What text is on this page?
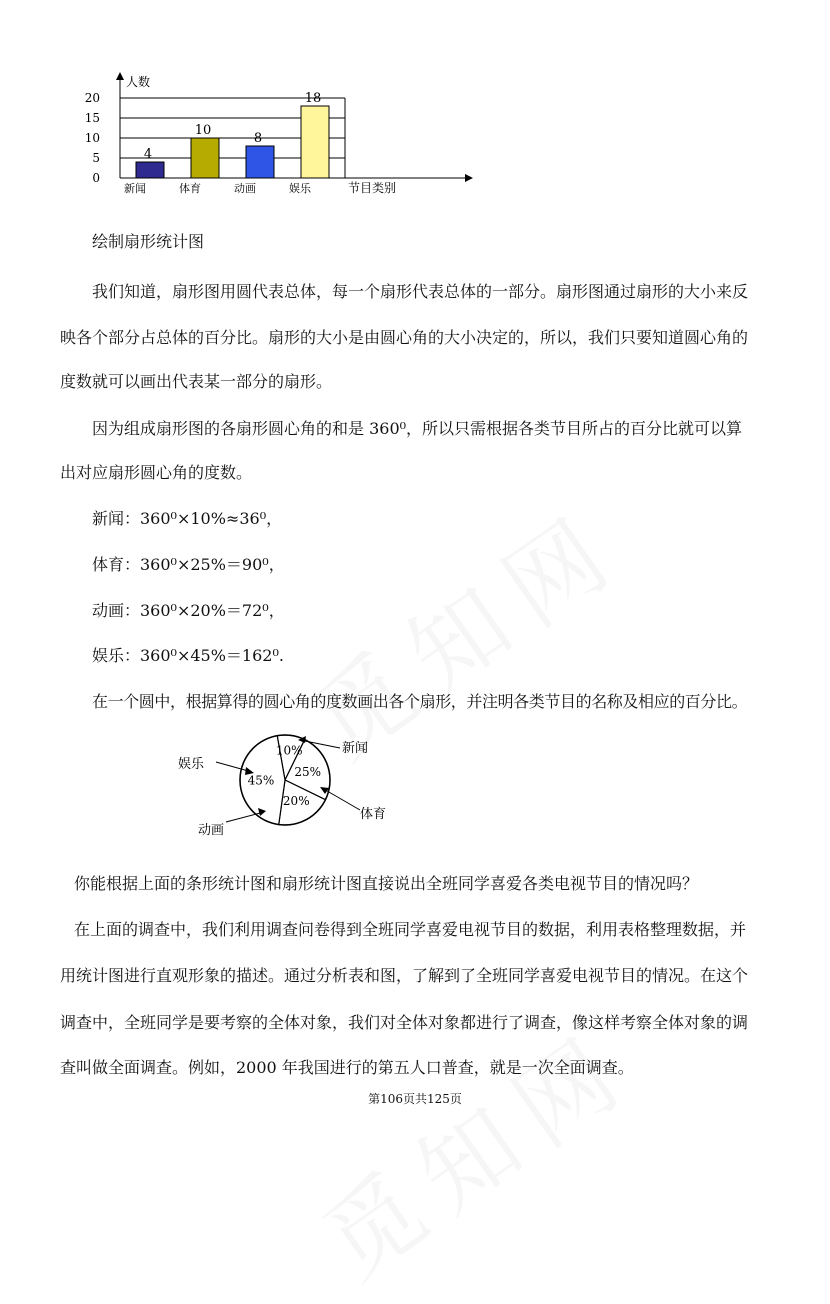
0
5
10
15
20
4
10
8
18
新闻	体育	动画	娱乐
人数
节目类别
绘制扇形统计图
我们知道，扇形图用圆代表总体，每一个扇形代表总体的一部分。扇形图通过扇形的大小来反
映各个部分占总体的百分比。扇形的大小是由圆心角的大小决定的，所以，我们只要知道圆心角的
度数就可以画出代表某一部分的扇形。
因为组成扇形图的各扇形圆心角的和是 360⁰，所以只需根据各类节目所占的百分比就可以算
出对应扇形圆心角的度数。
新闻：360⁰×10%≈36⁰，
体育：360⁰×25%＝90⁰，
动画：360⁰×20%＝72⁰，
娱乐：360⁰×45%＝162⁰.
在一个圆中，根据算得的圆心角的度数画出各个扇形，并注明各类节目的名称及相应的百分比。
10%
25%
20%
45%
新闻
体育
动画
娱乐
你能根据上面的条形统计图和扇形统计图直接说出全班同学喜爱各类电视节目的情况吗？
在上面的调查中，我们利用调查问卷得到全班同学喜爱电视节目的数据，利用表格整理数据，并
用统计图进行直观形象的描述。通过分析表和图，了解到了全班同学喜爱电视节目的情况。在这个
调查中，全班同学是要考察的全体对象，我们对全体对象都进行了调查，像这样考察全体对象的调
查叫做全面调查。例如，2000 年我国进行的第五人口普查，就是一次全面调查。
第106页共125页
